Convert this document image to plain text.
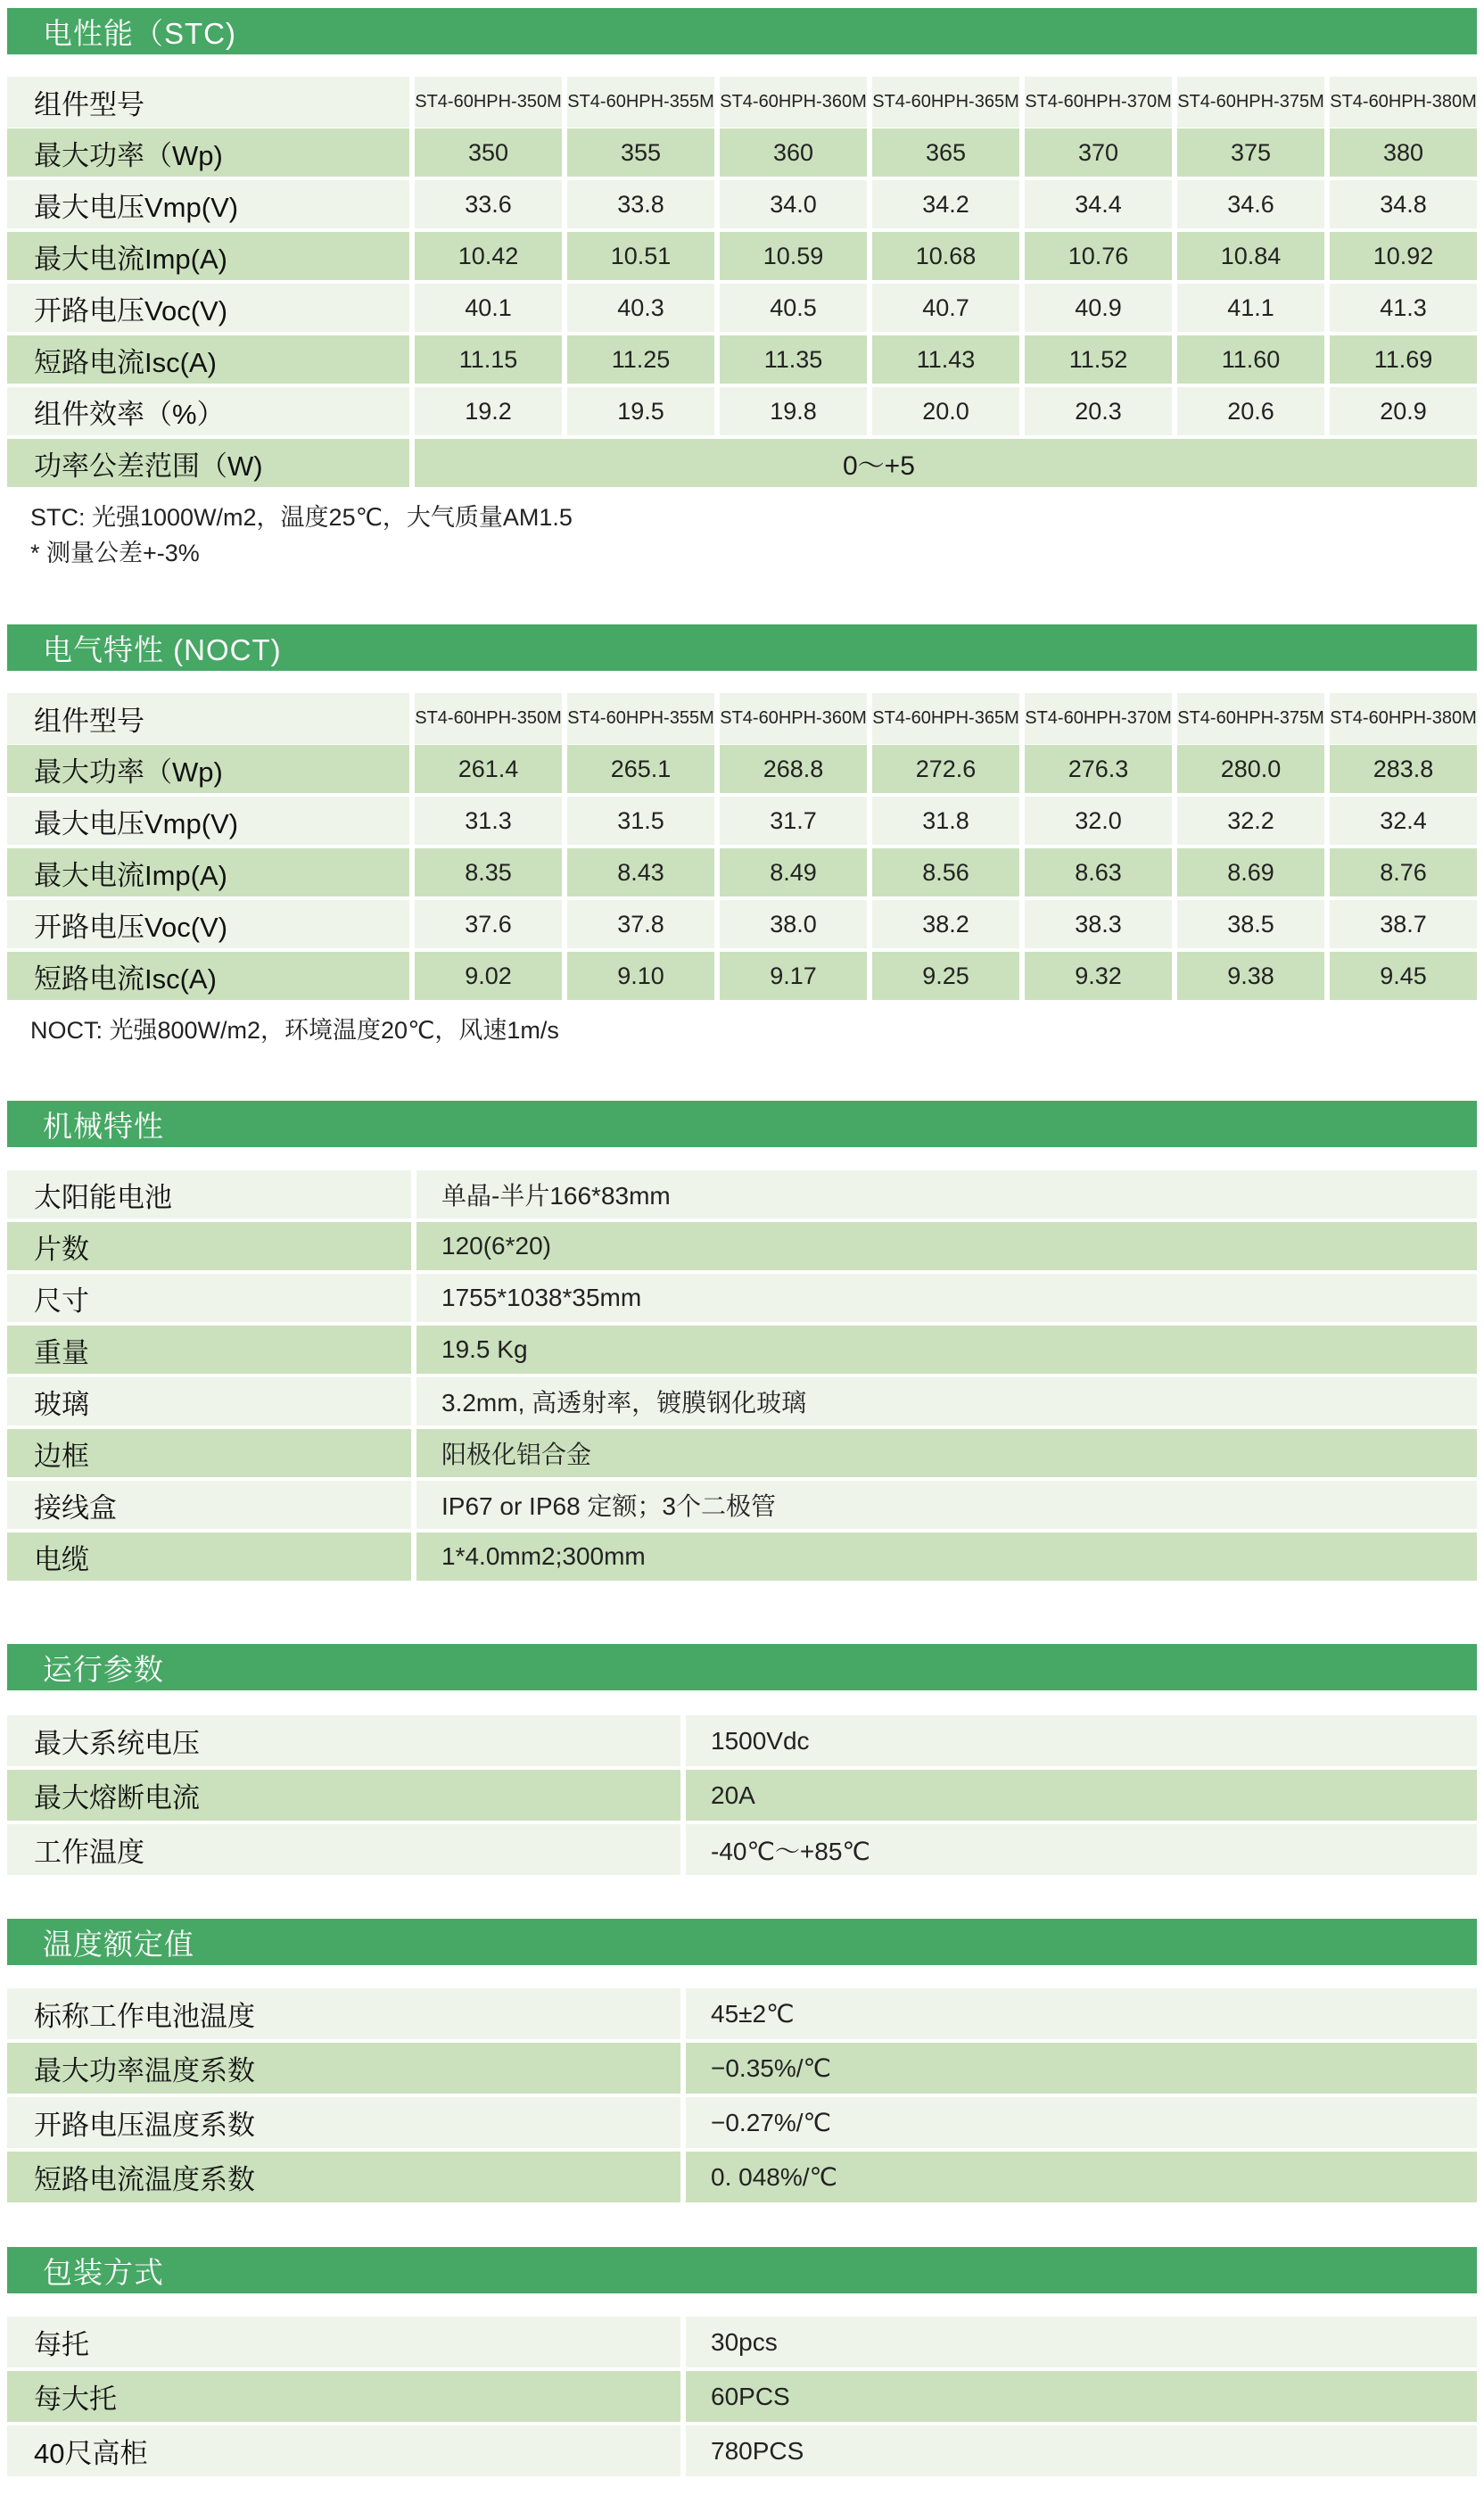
电性能（STC)
组件型号	ST4-60HPH-350M ST4-60HPH-355M ST4-60HPH-360M ST4-60HPH-365M ST4-60HPH-370M ST4-60HPH-375M ST4-60HPH-380M
最大功率（Wp)	350	355	360	365	370	375	380
最大电压Vmp(V)	33.6	33.8	34.0	34.2	34.4	34.6	34.8
最大电流Imp(A)	10.42	10.51	10.59	10.68	10.76	10.84	10.92
开路电压Voc(V)	40.1	40.3	40.5	40.7	40.9	41.1	41.3
短路电流Isc(A)	11.15	11.25	11.35	11.43	11.52	11.60	11.69
组件效率（%）	19.2	19.5	19.8	20.0	20.3	20.6	20.9
功率公差范围（W)	0～+5
STC: 光强1000W/m2，温度25℃，大气质量AM1.5
* 测量公差+-3%
电气特性 (NOCT)
组件型号	ST4-60HPH-350M ST4-60HPH-355M ST4-60HPH-360M ST4-60HPH-365M ST4-60HPH-370M ST4-60HPH-375M ST4-60HPH-380M
最大功率（Wp)	261.4	265.1	268.8	272.6	276.3	280.0	283.8
最大电压Vmp(V)	31.3	31.5	31.7	31.8	32.0	32.2	32.4
最大电流Imp(A)	8.35	8.43	8.49	8.56	8.63	8.69	8.76
开路电压Voc(V)	37.6	37.8	38.0	38.2	38.3	38.5	38.7
短路电流Isc(A)	9.02	9.10	9.17	9.25	9.32	9.38	9.45
NOCT: 光强800W/m2，环境温度20℃，风速1m/s
机械特性
太阳能电池	单晶-半片166*83mm
片数	120(6*20)
尺寸	1755*1038*35mm
重量	19.5 Kg
玻璃	3.2mm, 高透射率，镀膜钢化玻璃
边框	阳极化铝合金
接线盒	IP67 or IP68 定额；3个二极管
电缆	1*4.0mm2;300mm
运行参数
最大系统电压	1500Vdc
最大熔断电流	20A
工作温度	-40℃～+85℃
温度额定值
标称工作电池温度	45±2℃
最大功率温度系数	−0.35%/℃
开路电压温度系数	−0.27%/℃
短路电流温度系数	0. 048%/℃
包装方式
每托	30pcs
每大托	60PCS
40尺高柜	780PCS
